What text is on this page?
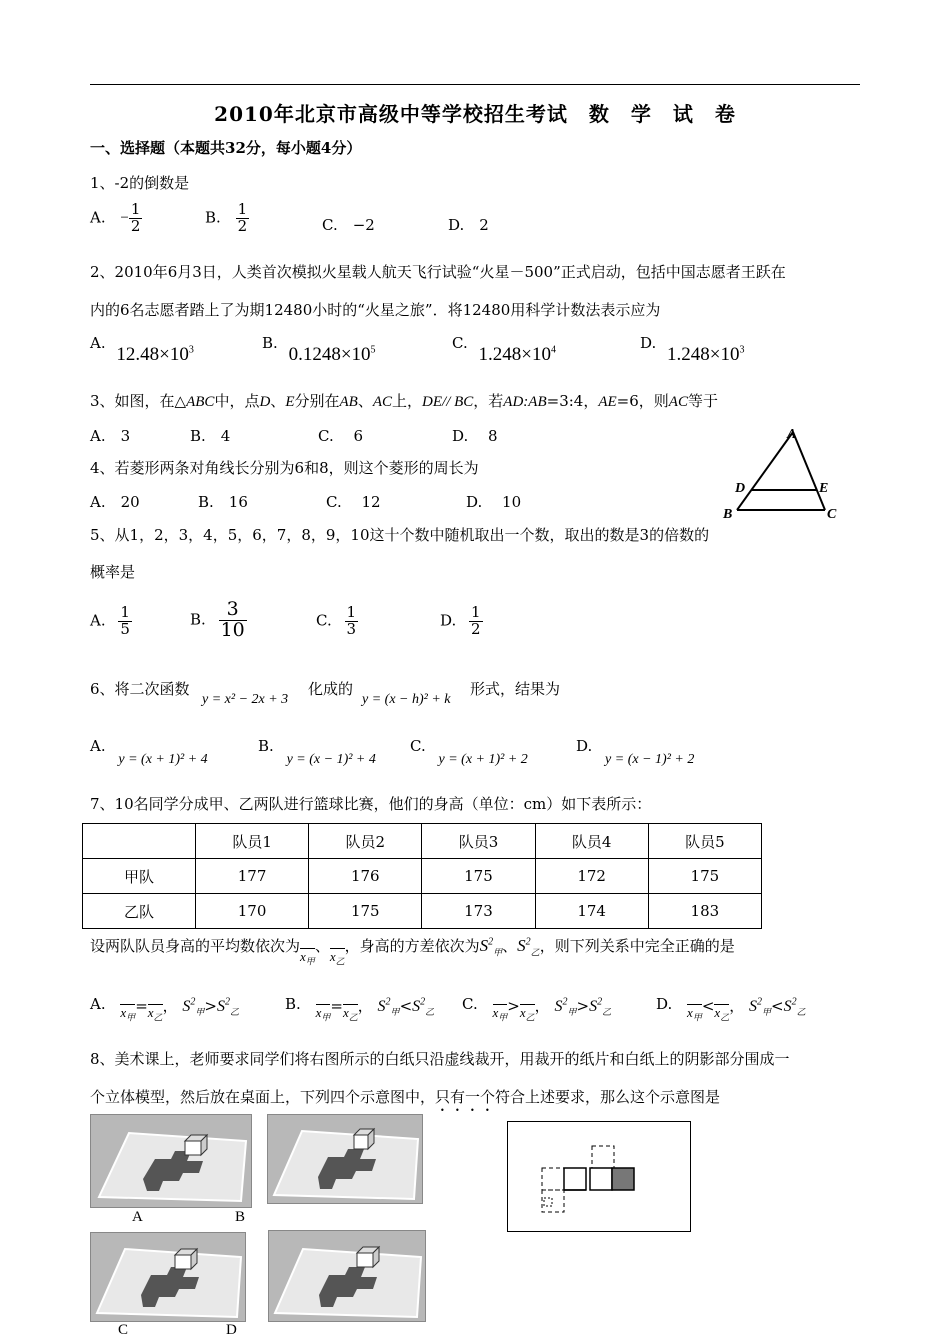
2010年北京市高级中等学校招生考试　数　学　试　卷
一、选择题（本题共32分，每小题4分）
1、-2的倒数是
A. − $\frac{1}{2}$	B. $\frac{1}{2}$	C.　−2	D.　2
2、2010年6月3日，人类首次模拟火星载人航天飞行试验“火星－500”正式启动，包括中国志愿者王跃在
内的6名志愿者踏上了为期12480小时的“火星之旅”．将12480用科学计数法表示应为
A. $12.48\times 10^3$	B. $0.1248\times 10^5$	C. $1.248\times 10^4$	D. $1.248\times 10^3$
3、如图，在△ABC中，点D、E分别在AB、AC上，DE// BC，若AD:AB=3:4，AE=6，则AC等于
A.　3	B.　4	C.　 6	D.　 8	A
D	E
B	C
4、若菱形两条对角线长分别为6和8，则这个菱形的周长为
A.　20	B.　16	C.　 12	D.　 10
5、从1，2，3，4，5，6，7，8，9，10这十个数中随机取出一个数，取出的数是3的倍数的
概率是
A. $\frac{1}{5}$	B. $\frac{3}{10}$	C. $\frac{1}{3}$	D. $\frac{1}{2}$
6、将二次函数
y = x² − 2x + 3
化成的
y = (x − h)² + k
形式，结果为
A. y = (x + 1)² + 4
B. y = (x − 1)² + 4
C. y = (x + 1)² + 2
D. y = (x − 1)² + 2
7、10名同学分成甲、乙两队进行篮球比赛，他们的身高（单位：cm）如下表所示：
	队员1	队员2	队员3	队员4	队员5
甲队	177	176	175	172	175
乙队	170	175	173	174	183
设两队队员身高的平均数依次为$x_甲$、$x_乙$，身高的方差依次为$S^2_甲$、$S^2_乙$，则下列关系中完全正确的是
A. $x_甲=x_乙$， $S^2_甲>S^2_乙$	B. $x_甲=x_乙$， $S^2_甲<S^2_乙$ C. $x_甲>x_乙$， $S^2_甲>S^2_乙$	D. $x_甲<x_乙$， $S^2_甲<S^2_乙$
8、美术课上，老师要求同学们将右图所示的白纸只沿虚线裁开，用裁开的纸片和白纸上的阴影部分围成一
个立体模型，然后放在桌面上，下列四个示意图中，只有一个符合上述要求，那么这个示意图是
A	B
C	D
